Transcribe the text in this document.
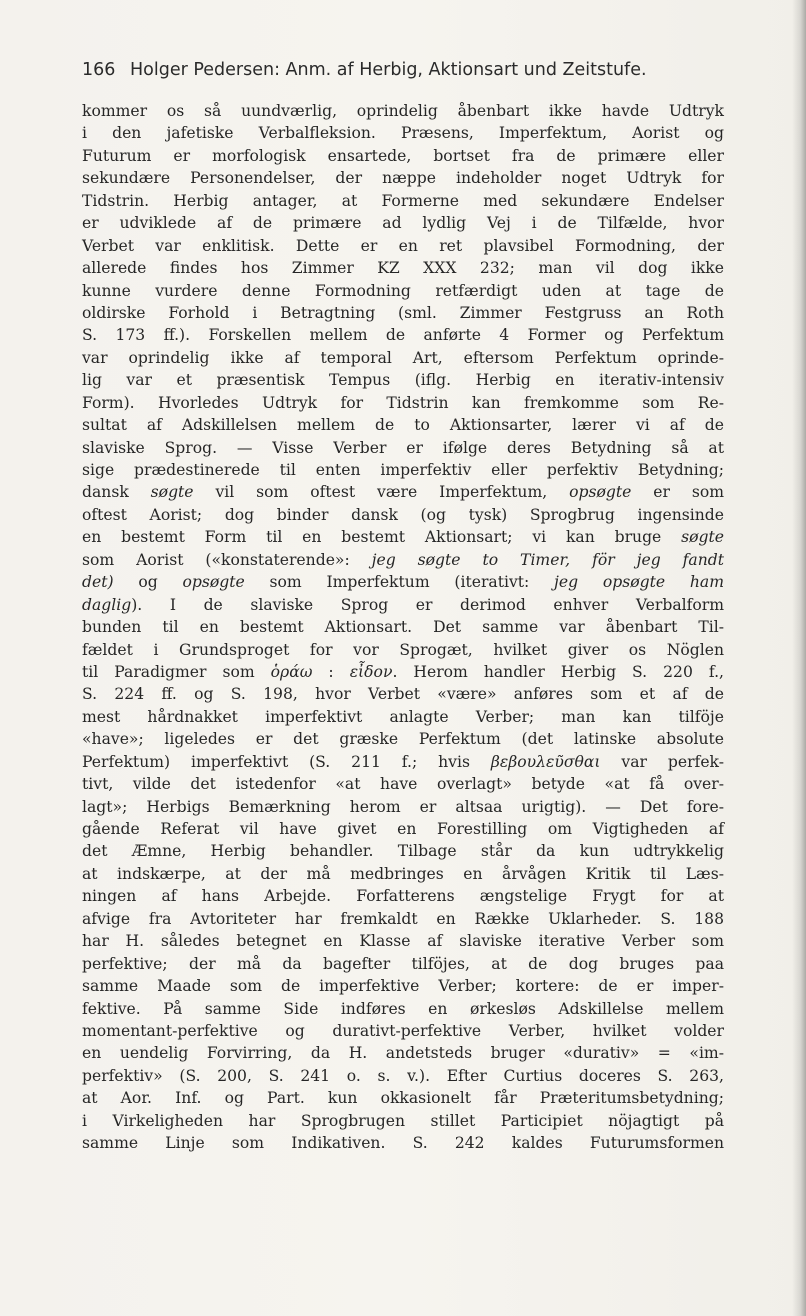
166 Holger Pedersen: Anm. af Herbig, Aktionsart und Zeitstufe.
kommer os så uundværlig, oprindelig åbenbart ikke havde Udtryk
i den jafetiske Verbalfleksion. Præsens, Imperfektum, Aorist og
Futurum er morfologisk ensartede, bortset fra de primære eller
sekundære Personendelser, der næppe indeholder noget Udtryk for
Tidstrin. Herbig antager, at Formerne med sekundære Endelser
er udviklede af de primære ad lydlig Vej i de Tilfælde, hvor
Verbet var enklitisk. Dette er en ret plavsibel Formodning, der
allerede findes hos Zimmer KZ XXX 232; man vil dog ikke
kunne vurdere denne Formodning retfærdigt uden at tage de
oldirske Forhold i Betragtning (sml. Zimmer Festgruss an Roth
S. 173 ff.). Forskellen mellem de anførte 4 Former og Perfektum
var oprindelig ikke af temporal Art, eftersom Perfektum oprinde-
lig var et præsentisk Tempus (iflg. Herbig en iterativ-intensiv
Form). Hvorledes Udtryk for Tidstrin kan fremkomme som Re-
sultat af Adskillelsen mellem de to Aktionsarter, lærer vi af de
slaviske Sprog. — Visse Verber er ifølge deres Betydning så at
sige prædestinerede til enten imperfektiv eller perfektiv Betydning;
dansk søgte vil som oftest være Imperfektum, opsøgte er som
oftest Aorist; dog binder dansk (og tysk) Sprogbrug ingensinde
en bestemt Form til en bestemt Aktionsart; vi kan bruge søgte
som Aorist («konstaterende»: jeg søgte to Timer, för jeg fandt
det) og opsøgte som Imperfektum (iterativt: jeg opsøgte ham
daglig). I de slaviske Sprog er derimod enhver Verbalform
bunden til en bestemt Aktionsart. Det samme var åbenbart Til-
fældet i Grundsproget for vor Sprogæt, hvilket giver os Nöglen
til Paradigmer som ὁράω : εἶδον. Herom handler Herbig S. 220 f.,
S. 224 ff. og S. 198, hvor Verbet «være» anføres som et af de
mest hårdnakket imperfektivt anlagte Verber; man kan tilföje
«have»; ligeledes er det græske Perfektum (det latinske absolute
Perfektum) imperfektivt (S. 211 f.; hvis βεβουλεῦσθαι var perfek-
tivt, vilde det istedenfor «at have overlagt» betyde «at få over-
lagt»; Herbigs Bemærkning herom er altsaa urigtig). — Det fore-
gående Referat vil have givet en Forestilling om Vigtigheden af
det Æmne, Herbig behandler. Tilbage står da kun udtrykkelig
at indskærpe, at der må medbringes en årvågen Kritik til Læs-
ningen af hans Arbejde. Forfatterens ængstelige Frygt for at
afvige fra Avtoriteter har fremkaldt en Række Uklarheder. S. 188
har H. således betegnet en Klasse af slaviske iterative Verber som
perfektive; der må da bagefter tilföjes, at de dog bruges paa
samme Maade som de imperfektive Verber; kortere: de er imper-
fektive. På samme Side indføres en ørkesløs Adskillelse mellem
momentant-perfektive og durativt-perfektive Verber, hvilket volder
en uendelig Forvirring, da H. andetsteds bruger «durativ» = «im-
perfektiv» (S. 200, S. 241 o. s. v.). Efter Curtius doceres S. 263,
at Aor. Inf. og Part. kun okkasionelt får Præteritumsbetydning;
i Virkeligheden har Sprogbrugen stillet Participiet nöjagtigt på
samme Linje som Indikativen. S. 242 kaldes Futurumsformen
